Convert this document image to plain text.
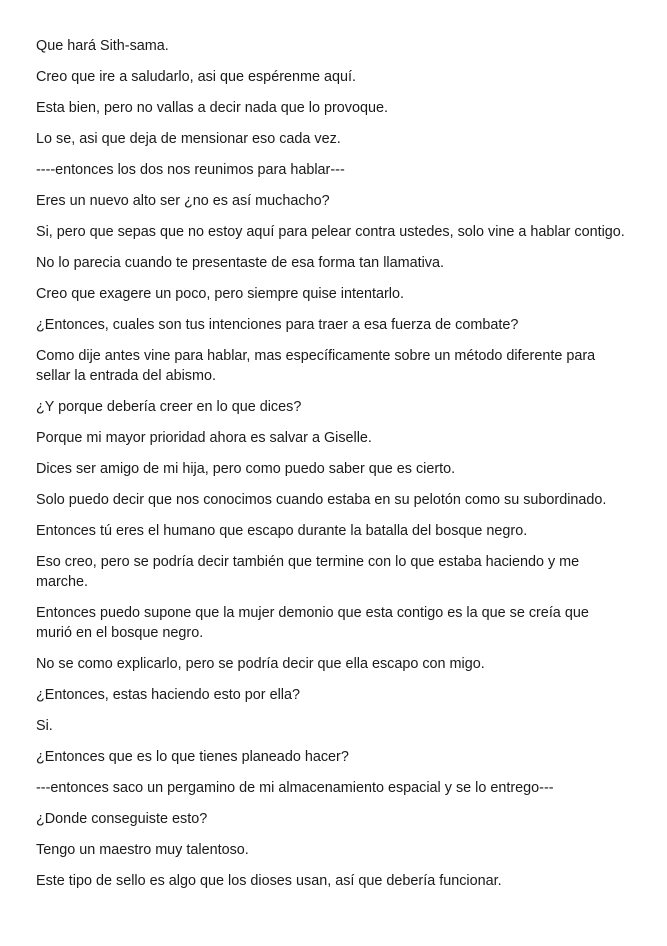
Que hará Sith-sama.

Creo que ire a saludarlo, asi que espérenme aquí.

Esta bien, pero no vallas a decir nada que lo provoque.

Lo se, asi que deja de mensionar eso cada vez.

----entonces los dos nos reunimos para hablar---

Eres un nuevo alto ser ¿no es así muchacho?

Si, pero que sepas que no estoy aquí para pelear contra ustedes, solo vine a hablar contigo.

No lo parecia cuando te presentaste de esa forma tan llamativa.

Creo que exagere un poco, pero siempre quise intentarlo.

¿Entonces, cuales son tus intenciones para traer a esa fuerza de combate?

Como dije antes vine para hablar, mas específicamente sobre un método diferente para sellar la entrada del abismo.

¿Y porque debería creer en lo que dices?

Porque mi mayor prioridad ahora es salvar a Giselle.

Dices ser amigo de mi hija, pero como puedo saber que es cierto.

Solo puedo decir que nos conocimos cuando estaba en su pelotón como su subordinado.

Entonces tú eres el humano que escapo durante la batalla del bosque negro.

Eso creo, pero se podría decir también que termine con lo que estaba haciendo y me marche.

Entonces puedo supone que la mujer demonio que esta contigo es la que se creía que murió en el bosque negro.

No se como explicarlo, pero se podría decir que ella escapo con migo.

¿Entonces, estas haciendo esto por ella?

Si.

¿Entonces que es lo que tienes planeado hacer?

---entonces saco un pergamino de mi almacenamiento espacial y se lo entrego---

¿Donde conseguiste esto?

Tengo un maestro muy talentoso.

Este tipo de sello es algo que los dioses usan, así que debería funcionar.
